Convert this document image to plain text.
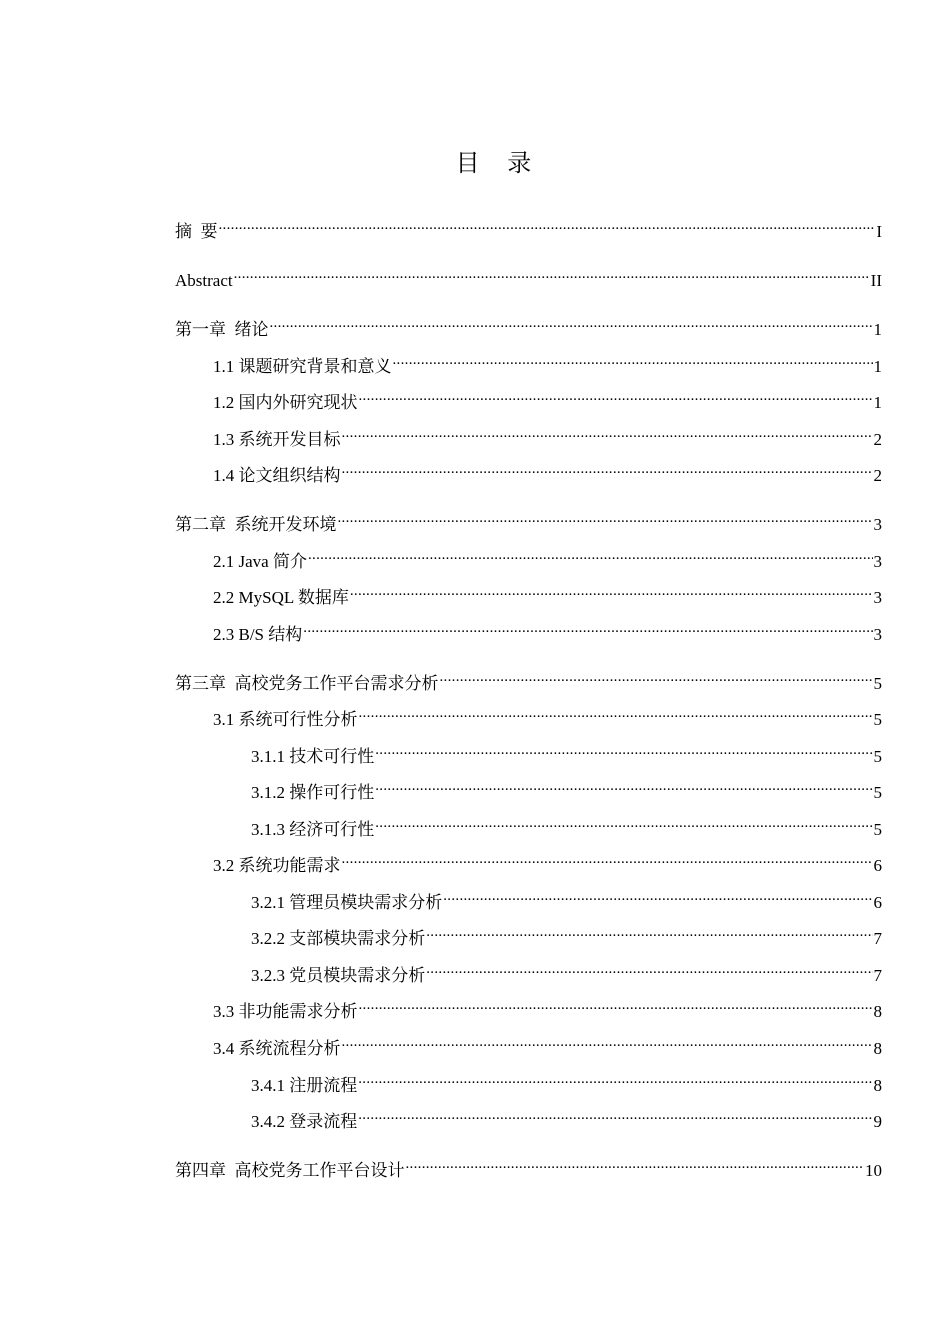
目 录
摘  要 .....	I
Abstract .....	II
第一章  绪论 .....	1
1.1 课题研究背景和意义 .....	1
1.2 国内外研究现状 .....	1
1.3 系统开发目标 .....	2
1.4 论文组织结构 .....	2
第二章  系统开发环境 .....	3
2.1 Java 简介 .....	3
2.2 MySQL 数据库 .....	3
2.3 B/S 结构 .....	3
第三章  高校党务工作平台需求分析 .....	5
3.1 系统可行性分析 .....	5
3.1.1 技术可行性 .....	5
3.1.2 操作可行性 .....	5
3.1.3 经济可行性 .....	5
3.2 系统功能需求 .....	6
3.2.1 管理员模块需求分析 .....	6
3.2.2 支部模块需求分析 .....	7
3.2.3 党员模块需求分析 .....	7
3.3 非功能需求分析 .....	8
3.4 系统流程分析 .....	8
3.4.1 注册流程 .....	8
3.4.2 登录流程 .....	9
第四章  高校党务工作平台设计 .....	10
